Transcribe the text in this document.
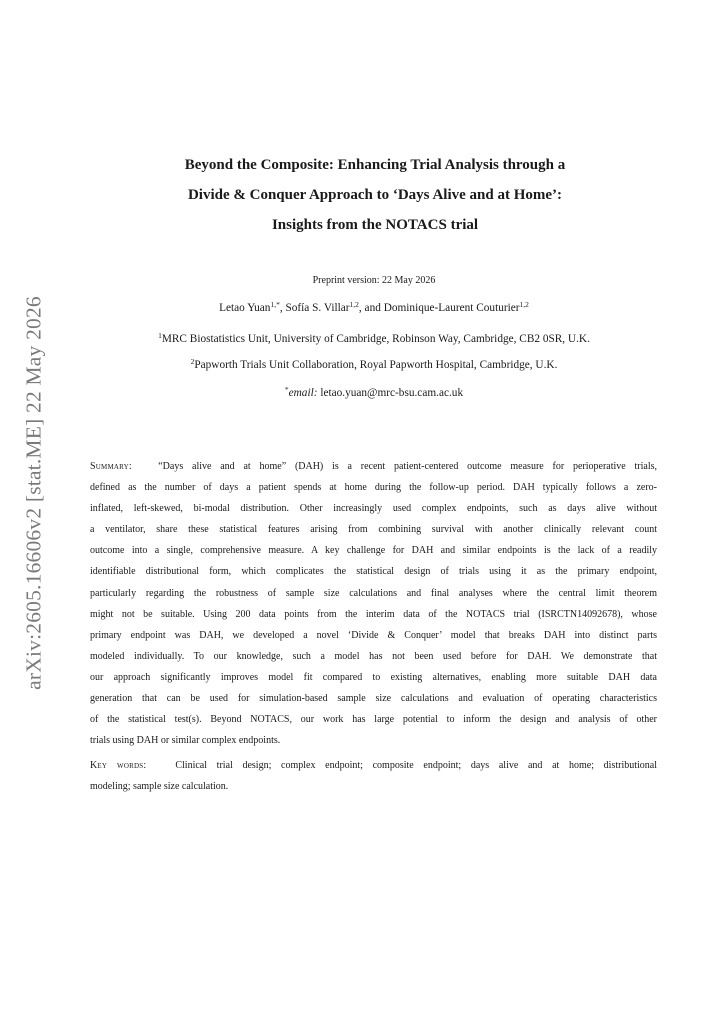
arXiv:2605.16606v2 [stat.ME] 22 May 2026
Beyond the Composite: Enhancing Trial Analysis through a
Divide & Conquer Approach to ‘Days Alive and at Home’:
Insights from the NOTACS trial
Preprint version: 22 May 2026
Letao Yuan$^{1,*}$, Sofía S. Villar$^{1,2}$, and Dominique-Laurent Couturier$^{1,2}$
$^1$MRC Biostatistics Unit, University of Cambridge, Robinson Way, Cambridge, CB2 0SR, U.K.
$^2$Papworth Trials Unit Collaboration, Royal Papworth Hospital, Cambridge, U.K.
*email: letao.yuan@mrc-bsu.cam.ac.uk
Summary:	“Days alive and at home” (DAH) is a recent patient-centered outcome measure for perioperative trials,
defined as the number of days a patient spends at home during the follow-up period. DAH typically follows a zero-
inflated, left-skewed, bi-modal distribution. Other increasingly used complex endpoints, such as days alive without
a ventilator, share these statistical features arising from combining survival with another clinically relevant count
outcome into a single, comprehensive measure. A key challenge for DAH and similar endpoints is the lack of a readily
identifiable distributional form, which complicates the statistical design of trials using it as the primary endpoint,
particularly regarding the robustness of sample size calculations and final analyses where the central limit theorem
might not be suitable. Using 200 data points from the interim data of the NOTACS trial (ISRCTN14092678), whose
primary endpoint was DAH, we developed a novel ‘Divide & Conquer’ model that breaks DAH into distinct parts
modeled individually. To our knowledge, such a model has not been used before for DAH. We demonstrate that
our approach significantly improves model fit compared to existing alternatives, enabling more suitable DAH data
generation that can be used for simulation-based sample size calculations and evaluation of operating characteristics
of the statistical test(s). Beyond NOTACS, our work has large potential to inform the design and analysis of other
trials using DAH or similar complex endpoints.
Key words:	Clinical trial design; complex endpoint; composite endpoint; days alive and at home; distributional
modeling; sample size calculation.
